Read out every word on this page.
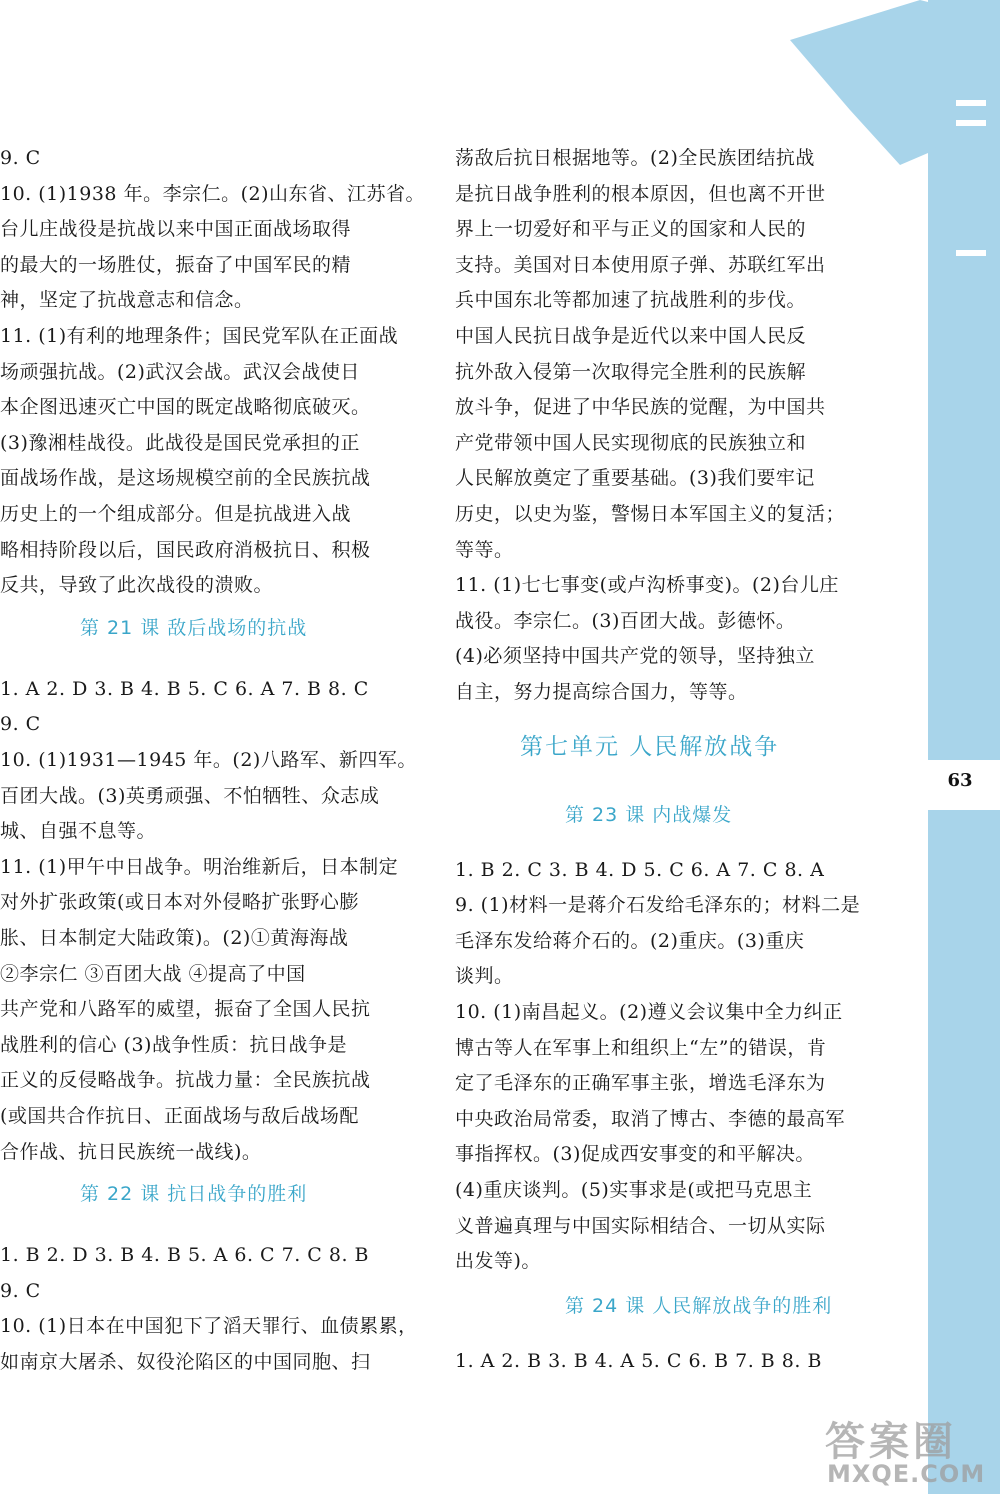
63
9. C
10. (1)1938 年。李宗仁。(2)山东省、江苏省。
台儿庄战役是抗战以来中国正面战场取得
的最大的一场胜仗，振奋了中国军民的精
神，坚定了抗战意志和信念。
11. (1)有利的地理条件；国民党军队在正面战
场顽强抗战。(2)武汉会战。武汉会战使日
本企图迅速灭亡中国的既定战略彻底破灭。
(3)豫湘桂战役。此战役是国民党承担的正
面战场作战，是这场规模空前的全民族抗战
历史上的一个组成部分。但是抗战进入战
略相持阶段以后，国民政府消极抗日、积极
反共，导致了此次战役的溃败。
第 21 课 敌后战场的抗战
1. A 2. D 3. B 4. B 5. C 6. A 7. B 8. C
9. C
10. (1)1931—1945 年。(2)八路军、新四军。
百团大战。(3)英勇顽强、不怕牺牲、众志成
城、自强不息等。
11. (1)甲午中日战争。明治维新后，日本制定
对外扩张政策(或日本对外侵略扩张野心膨
胀、日本制定大陆政策)。(2)①黄海海战
②李宗仁 ③百团大战 ④提高了中国
共产党和八路军的威望，振奋了全国人民抗
战胜利的信心 (3)战争性质：抗日战争是
正义的反侵略战争。抗战力量：全民族抗战
(或国共合作抗日、正面战场与敌后战场配
合作战、抗日民族统一战线)。
第 22 课 抗日战争的胜利
1. B 2. D 3. B 4. B 5. A 6. C 7. C 8. B
9. C
10. (1)日本在中国犯下了滔天罪行、血债累累，
如南京大屠杀、奴役沦陷区的中国同胞、扫
荡敌后抗日根据地等。(2)全民族团结抗战
是抗日战争胜利的根本原因，但也离不开世
界上一切爱好和平与正义的国家和人民的
支持。美国对日本使用原子弹、苏联红军出
兵中国东北等都加速了抗战胜利的步伐。
中国人民抗日战争是近代以来中国人民反
抗外敌入侵第一次取得完全胜利的民族解
放斗争，促进了中华民族的觉醒，为中国共
产党带领中国人民实现彻底的民族独立和
人民解放奠定了重要基础。(3)我们要牢记
历史，以史为鉴，警惕日本军国主义的复活；
等等。
11. (1)七七事变(或卢沟桥事变)。(2)台儿庄
战役。李宗仁。(3)百团大战。彭德怀。
(4)必须坚持中国共产党的领导，坚持独立
自主，努力提高综合国力，等等。
第七单元 人民解放战争
第 23 课 内战爆发
1. B 2. C 3. B 4. D 5. C 6. A 7. C 8. A
9. (1)材料一是蒋介石发给毛泽东的；材料二是
毛泽东发给蒋介石的。(2)重庆。(3)重庆
谈判。
10. (1)南昌起义。(2)遵义会议集中全力纠正
博古等人在军事上和组织上“左”的错误，肯
定了毛泽东的正确军事主张，增选毛泽东为
中央政治局常委，取消了博古、李德的最高军
事指挥权。(3)促成西安事变的和平解决。
(4)重庆谈判。(5)实事求是(或把马克思主
义普遍真理与中国实际相结合、一切从实际
出发等)。
第 24 课 人民解放战争的胜利
1. A 2. B 3. B 4. A 5. C 6. B 7. B 8. B
答案圈
MXQE.COM
